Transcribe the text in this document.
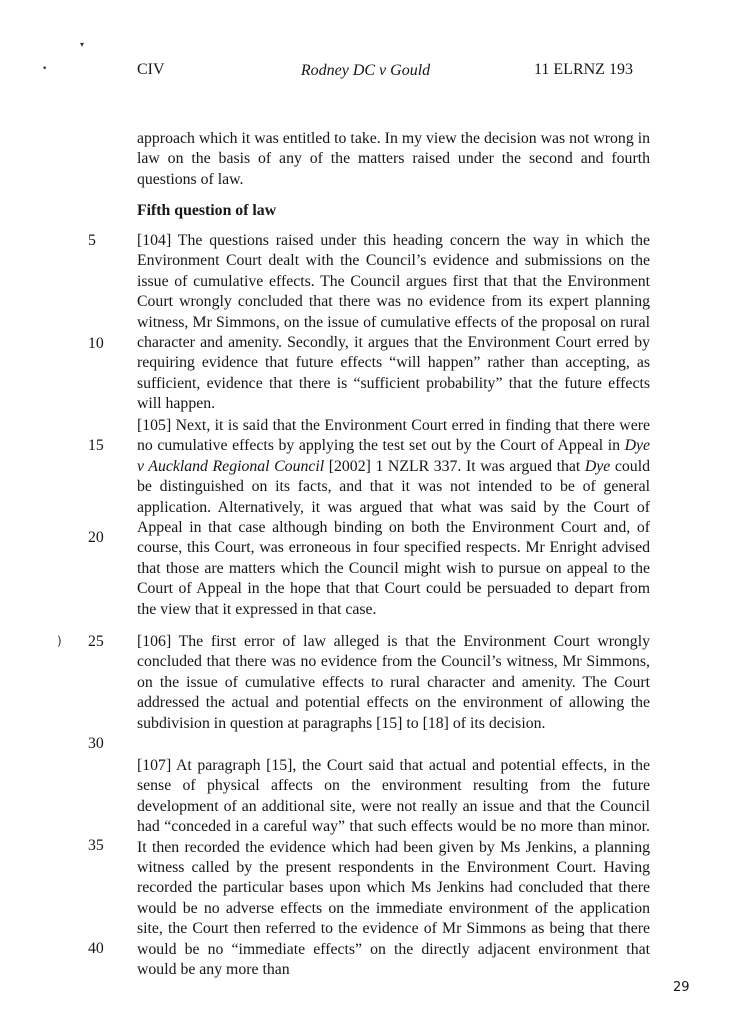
▾
•
)
CIV	Rodney DC v Gould	11 ELRNZ 193
5
10
15
20
25
30
35
40

approach which it was entitled to take. In my view the decision was not wrong in law on the basis of any of the matters raised under the second and fourth questions of law.

Fifth question of law

[104] The questions raised under this heading concern the way in which the Environment Court dealt with the Council’s evidence and submissions on the issue of cumulative effects. The Council argues first that that the Environment Court wrongly concluded that there was no evidence from its expert planning witness, Mr Simmons, on the issue of cumulative effects of the proposal on rural character and amenity. Secondly, it argues that the Environment Court erred by requiring evidence that future effects “will happen” rather than accepting, as sufficient, evidence that there is “sufficient probability” that the future effects will happen.

[105] Next, it is said that the Environment Court erred in finding that there were no cumulative effects by applying the test set out by the Court of Appeal in Dye v Auckland Regional Council [2002] 1 NZLR 337. It was argued that Dye could be distinguished on its facts, and that it was not intended to be of general application. Alternatively, it was argued that what was said by the Court of Appeal in that case although binding on both the Environment Court and, of course, this Court, was erroneous in four specified respects. Mr Enright advised that those are matters which the Council might wish to pursue on appeal to the Court of Appeal in the hope that that Court could be persuaded to depart from the view that it expressed in that case.

[106] The first error of law alleged is that the Environment Court wrongly concluded that there was no evidence from the Council’s witness, Mr Simmons, on the issue of cumulative effects to rural character and amenity. The Court addressed the actual and potential effects on the environment of allowing the subdivision in question at paragraphs [15] to [18] of its decision.

[107] At paragraph [15], the Court said that actual and potential effects, in the sense of physical affects on the environment resulting from the future development of an additional site, were not really an issue and that the Council had “conceded in a careful way” that such effects would be no more than minor. It then recorded the evidence which had been given by Ms Jenkins, a planning witness called by the present respondents in the Environment Court. Having recorded the particular bases upon which Ms Jenkins had concluded that there would be no adverse effects on the immediate environment of the application site, the Court then referred to the evidence of Mr Simmons as being that there would be no “immediate effects” on the directly adjacent environment that would be any more than

29
